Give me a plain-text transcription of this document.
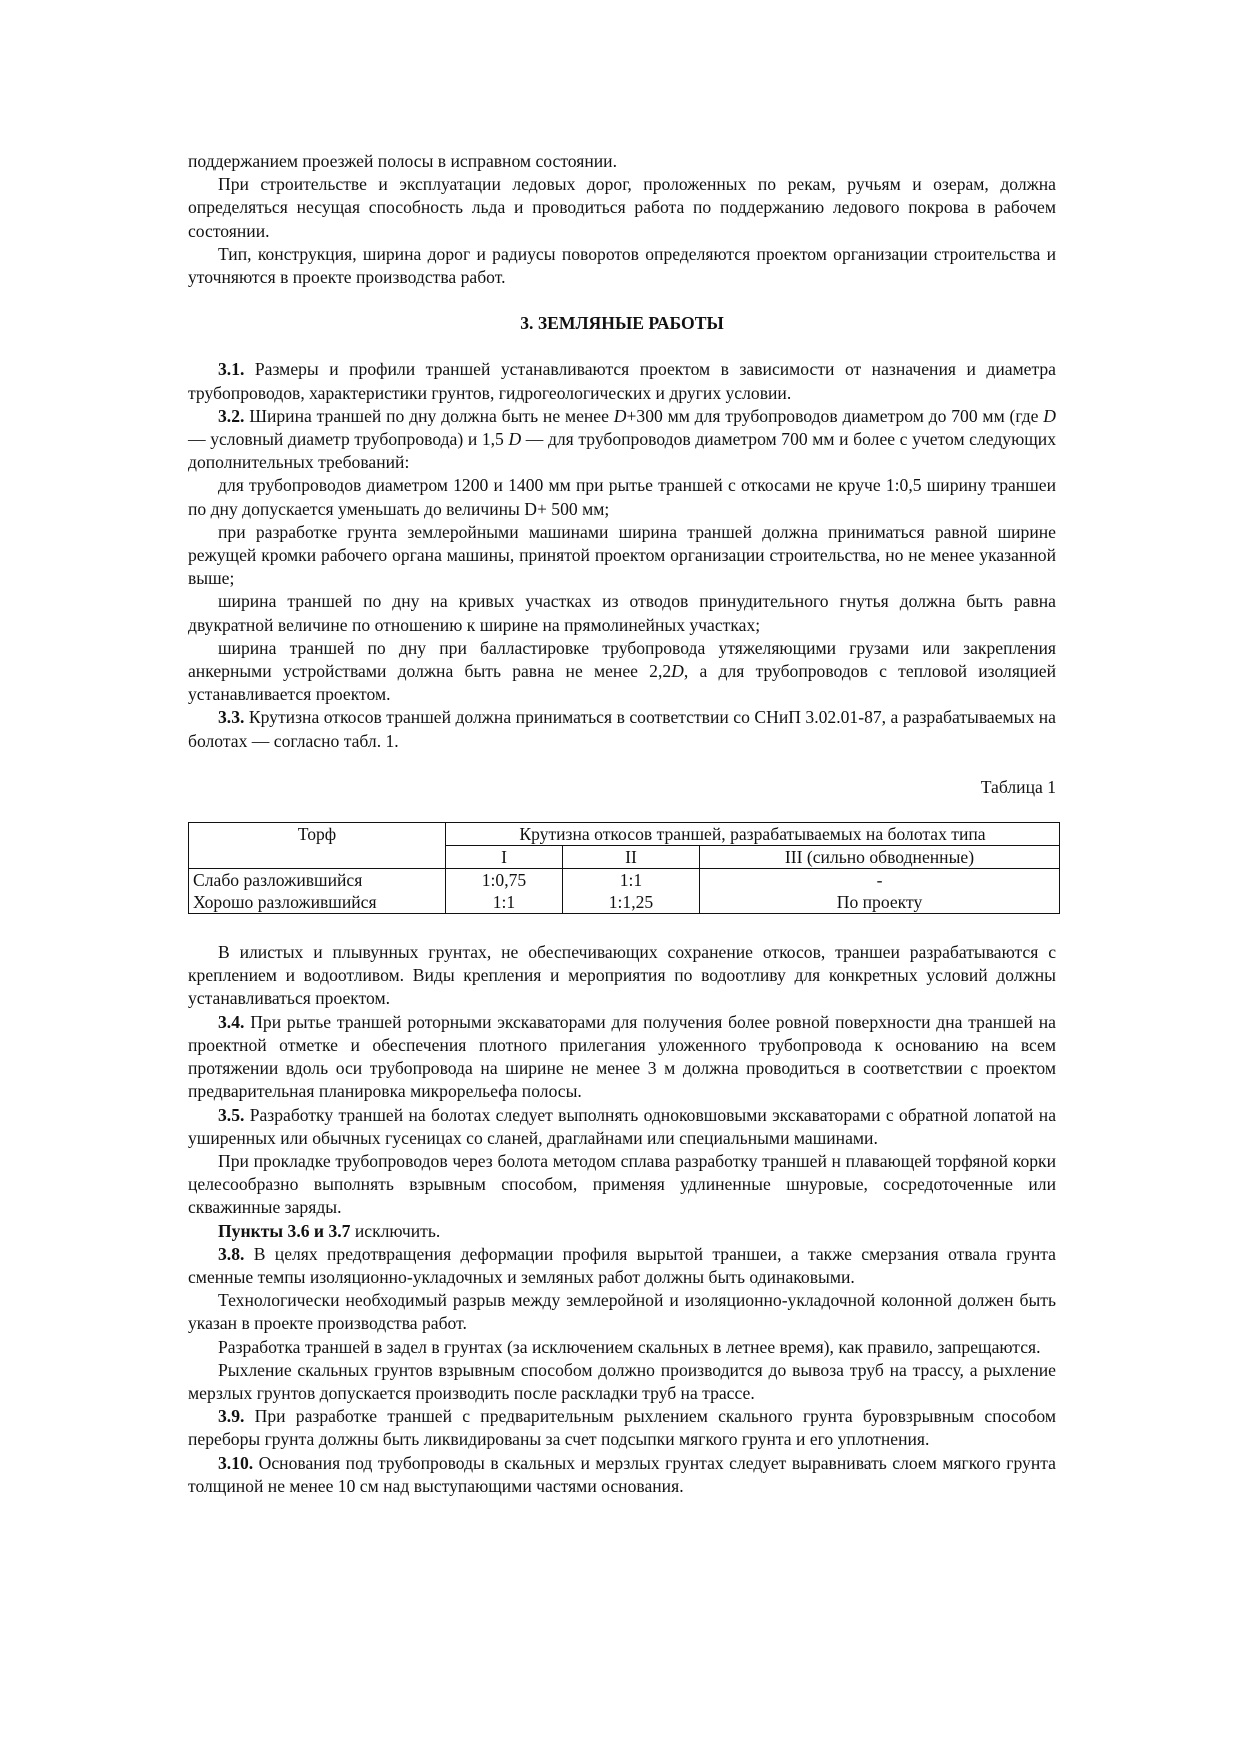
поддержанием проезжей полосы в исправном состоянии.

При строительстве и эксплуатации ледовых дорог, проложенных по рекам, ручьям и озерам, должна определяться несущая способность льда и проводиться работа по поддержанию ледового покрова в рабочем состоянии.

Тип, конструкция, ширина дорог и радиусы поворотов определяются проектом организации строительства и уточняются в проекте производства работ.

3. ЗЕМЛЯНЫЕ РАБОТЫ

3.1. Размеры и профили траншей устанавливаются проектом в зависимости от назначения и диаметра трубопроводов, характеристики грунтов, гидрогеологических и других условии.

3.2. Ширина траншей по дну должна быть не менее D+300 мм для трубопроводов диаметром до 700 мм (где D — условный диаметр трубопровода) и 1,5 D — для трубопроводов диаметром 700 мм и более с учетом следующих дополнительных требований:

для трубопроводов диаметром 1200 и 1400 мм при рытье траншей с откосами не круче 1:0,5 ширину траншеи по дну допускается уменьшать до величины D+ 500 мм;

при разработке грунта землеройными машинами ширина траншей должна приниматься равной ширине режущей кромки рабочего органа машины, принятой проектом организации строительства, но не менее указанной выше;

ширина траншей по дну на кривых участках из отводов принудительного гнутья должна быть равна двукратной величине по отношению к ширине на прямолинейных участках;

ширина траншей по дну при балластировке трубопровода утяжеляющими грузами или закрепления анкерными устройствами должна быть равна не менее 2,2D, а для трубопроводов с тепловой изоляцией устанавливается проектом.

3.3. Крутизна откосов траншей должна приниматься в соответствии со СНиП 3.02.01-87, а разрабатываемых на болотах — согласно табл. 1.

Таблица 1

Торф	Крутизна откосов траншей, разрабатываемых на болотах типа		
	I	II	III (сильно обводненные)
Слабо разложившийся	1:0,75	1:1	-
Хорошо разложившийся	1:1	1:1,25	По проекту

В илистых и плывунных грунтах, не обеспечивающих сохранение откосов, траншеи разрабатываются с креплением и водоотливом. Виды крепления и мероприятия по водоотливу для конкретных условий должны устанавливаться проектом.

3.4. При рытье траншей роторными экскаваторами для получения более ровной поверхности дна траншей на проектной отметке и обеспечения плотного прилегания уложенного трубопровода к основанию на всем протяжении вдоль оси трубопровода на ширине не менее 3 м должна проводиться в соответствии с проектом предварительная планировка микрорельефа полосы.

3.5. Разработку траншей на болотах следует выполнять одноковшовыми экскаваторами с обратной лопатой на уширенных или обычных гусеницах со сланей, драглайнами или специальными машинами.

При прокладке трубопроводов через болота методом сплава разработку траншей н плавающей торфяной корки целесообразно выполнять взрывным способом, применяя удлиненные шнуровые, сосредоточенные или скважинные заряды.

Пункты 3.6 и 3.7 исключить.

3.8. В целях предотвращения деформации профиля вырытой траншеи, а также смерзания отвала грунта сменные темпы изоляционно-укладочных и земляных работ должны быть одинаковыми.

Технологически необходимый разрыв между землеройной и изоляционно-укладочной колонной должен быть указан в проекте производства работ.

Разработка траншей в задел в грунтах (за исключением скальных в летнее время), как правило, запрещаются.

Рыхление скальных грунтов взрывным способом должно производится до вывоза труб на трассу, а рыхление мерзлых грунтов допускается производить после раскладки труб на трассе.

3.9. При разработке траншей с предварительным рыхлением скального грунта буровзрывным способом переборы грунта должны быть ликвидированы за счет подсыпки мягкого грунта и его уплотнения.

3.10. Основания под трубопроводы в скальных и мерзлых грунтах следует выравнивать слоем мягкого грунта толщиной не менее 10 см над выступающими частями основания.
